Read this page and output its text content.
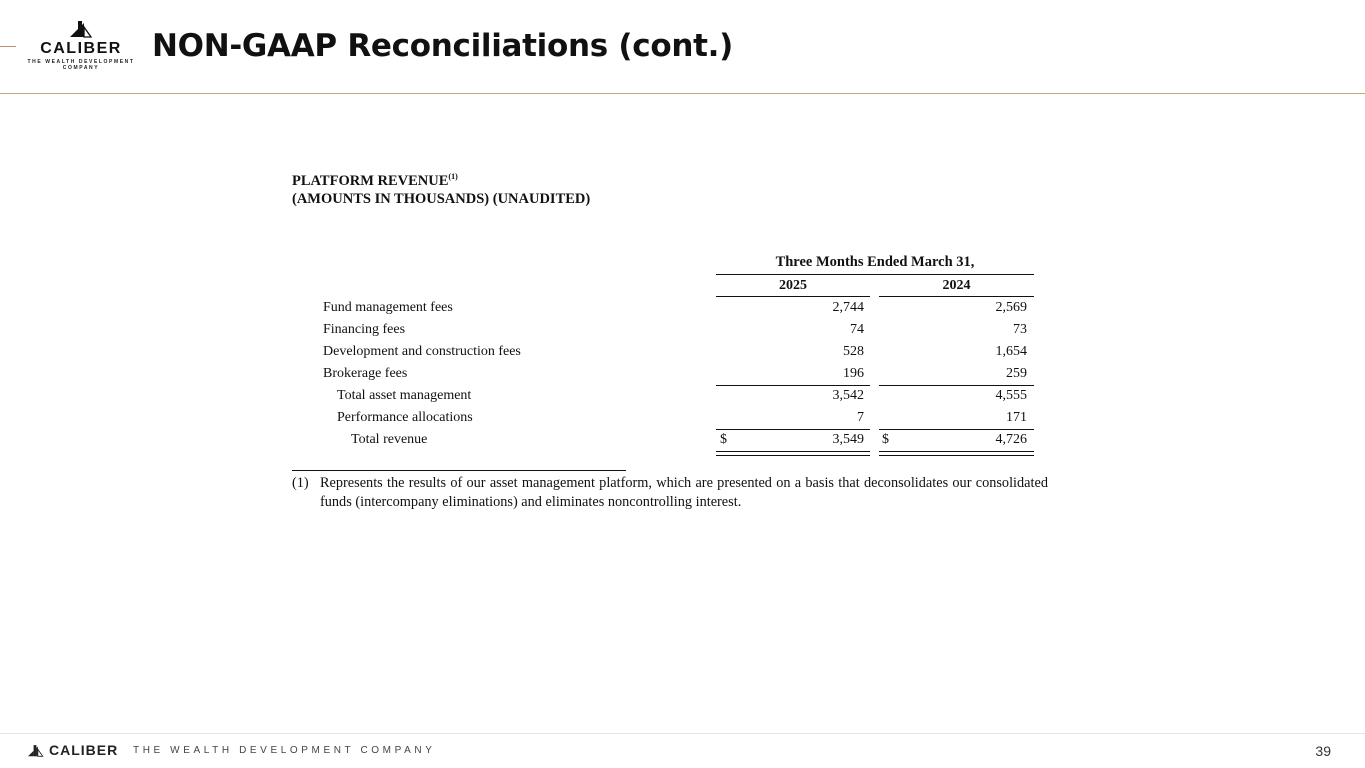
CALIBER
THE WEALTH DEVELOPMENT
COMPANY
NON-GAAP Reconciliations (cont.)
PLATFORM REVENUE$^{(1)}$
(AMOUNTS IN THOUSANDS) (UNAUDITED)
Three Months Ended March 31,
2025	2024
Fund management fees	2,744	2,569
Financing fees	74	73
Development and construction fees	528	1,654
Brokerage fees	196	259
Total asset management	3,542	4,555
Performance allocations	7	171
Total revenue	$	3,549 $	4,726
(1) Represents the results of our asset management platform, which are presented on a basis that deconsolidates our consolidated funds (intercompany eliminations) and eliminates noncontrolling interest.
CALIBER THE WEALTH DEVELOPMENT COMPANY	39
